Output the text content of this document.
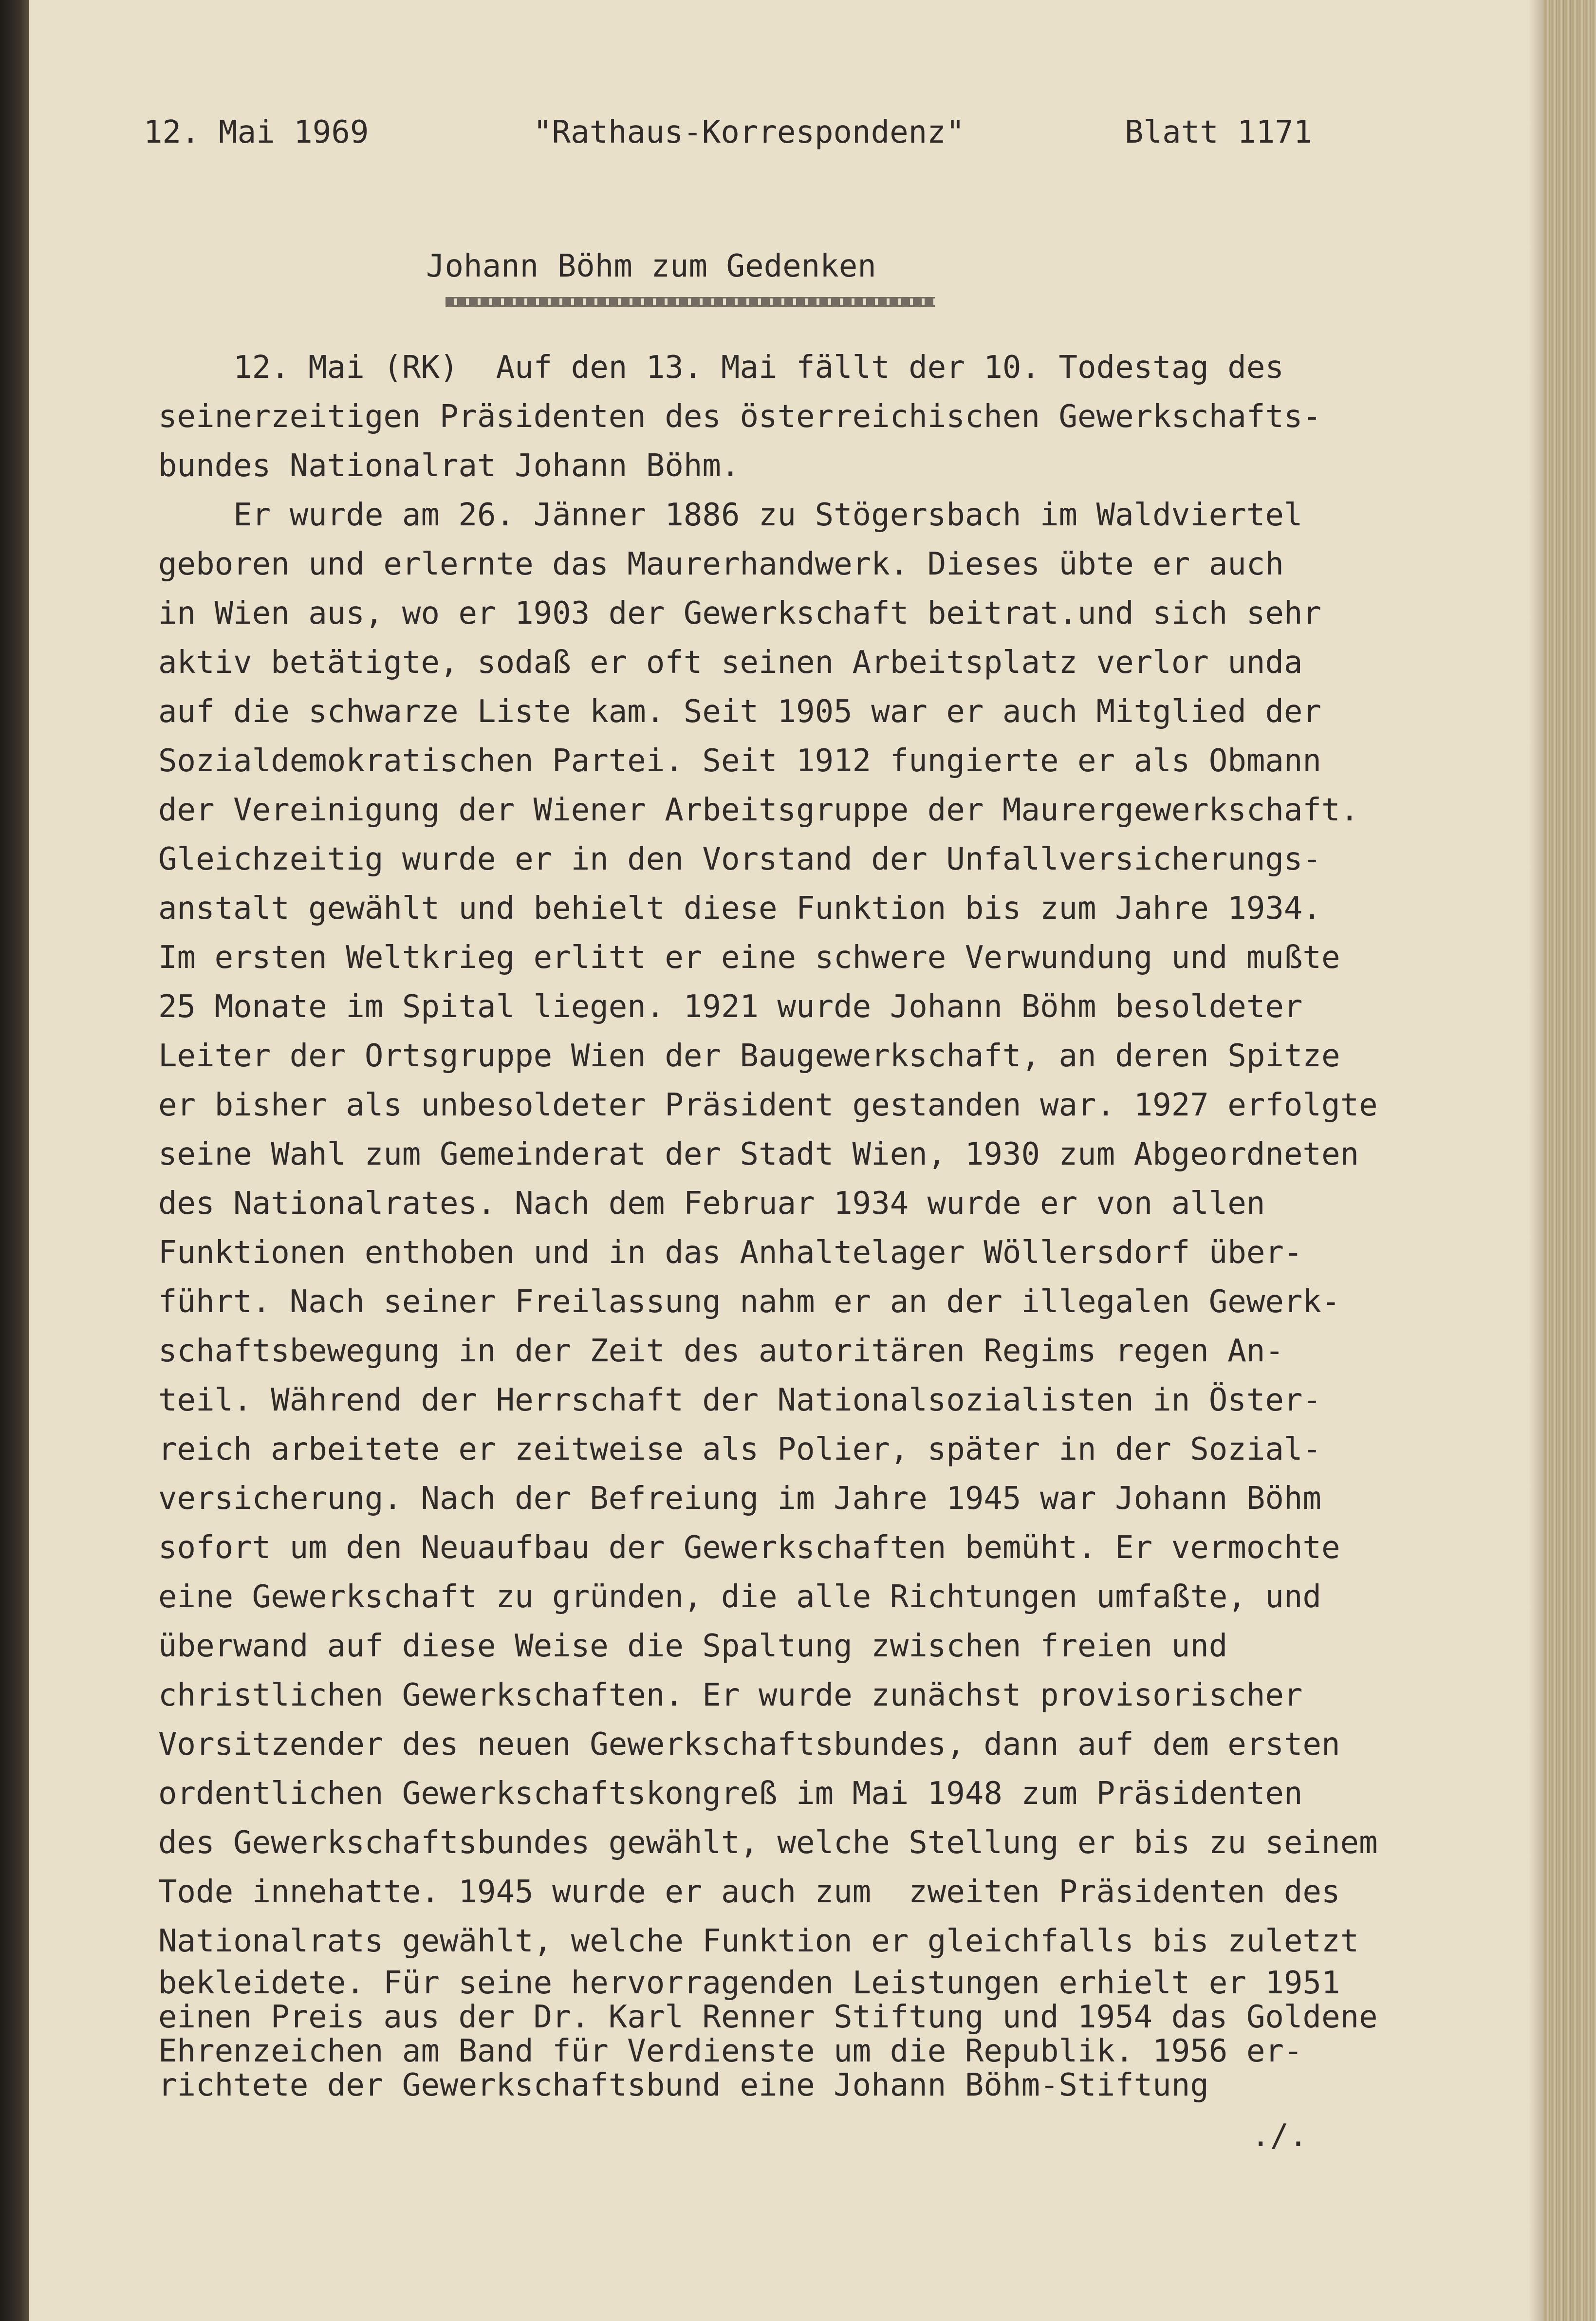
12. Mai 1969	"Rathaus-Korrespondenz"	Blatt 1171
Johann Böhm zum Gedenken
12. Mai (RK)  Auf den 13. Mai fällt der 10. Todestag des
seinerzeitigen Präsidenten des österreichischen Gewerkschafts-
bundes Nationalrat Johann Böhm.
Er wurde am 26. Jänner 1886 zu Stögersbach im Waldviertel
geboren und erlernte das Maurerhandwerk. Dieses übte er auch
in Wien aus, wo er 1903 der Gewerkschaft beitrat.und sich sehr
aktiv betätigte, sodaß er oft seinen Arbeitsplatz verlor unda
auf die schwarze Liste kam. Seit 1905 war er auch Mitglied der
Sozialdemokratischen Partei. Seit 1912 fungierte er als Obmann
der Vereinigung der Wiener Arbeitsgruppe der Maurergewerkschaft.
Gleichzeitig wurde er in den Vorstand der Unfallversicherungs-
anstalt gewählt und behielt diese Funktion bis zum Jahre 1934.
Im ersten Weltkrieg erlitt er eine schwere Verwundung und mußte
25 Monate im Spital liegen. 1921 wurde Johann Böhm besoldeter
Leiter der Ortsgruppe Wien der Baugewerkschaft, an deren Spitze
er bisher als unbesoldeter Präsident gestanden war. 1927 erfolgte
seine Wahl zum Gemeinderat der Stadt Wien, 1930 zum Abgeordneten
des Nationalrates. Nach dem Februar 1934 wurde er von allen
Funktionen enthoben und in das Anhaltelager Wöllersdorf über-
führt. Nach seiner Freilassung nahm er an der illegalen Gewerk-
schaftsbewegung in der Zeit des autoritären Regims regen An-
teil. Während der Herrschaft der Nationalsozialisten in Öster-
reich arbeitete er zeitweise als Polier, später in der Sozial-
versicherung. Nach der Befreiung im Jahre 1945 war Johann Böhm
sofort um den Neuaufbau der Gewerkschaften bemüht. Er vermochte
eine Gewerkschaft zu gründen, die alle Richtungen umfaßte, und
überwand auf diese Weise die Spaltung zwischen freien und
christlichen Gewerkschaften. Er wurde zunächst provisorischer
Vorsitzender des neuen Gewerkschaftsbundes, dann auf dem ersten
ordentlichen Gewerkschaftskongreß im Mai 1948 zum Präsidenten
des Gewerkschaftsbundes gewählt, welche Stellung er bis zu seinem
Tode innehatte. 1945 wurde er auch zum  zweiten Präsidenten des
Nationalrats gewählt, welche Funktion er gleichfalls bis zuletzt
bekleidete. Für seine hervorragenden Leistungen erhielt er 1951
einen Preis aus der Dr. Karl Renner Stiftung und 1954 das Goldene
Ehrenzeichen am Band für Verdienste um die Republik. 1956 er-
richtete der Gewerkschaftsbund eine Johann Böhm-Stiftung
./.
